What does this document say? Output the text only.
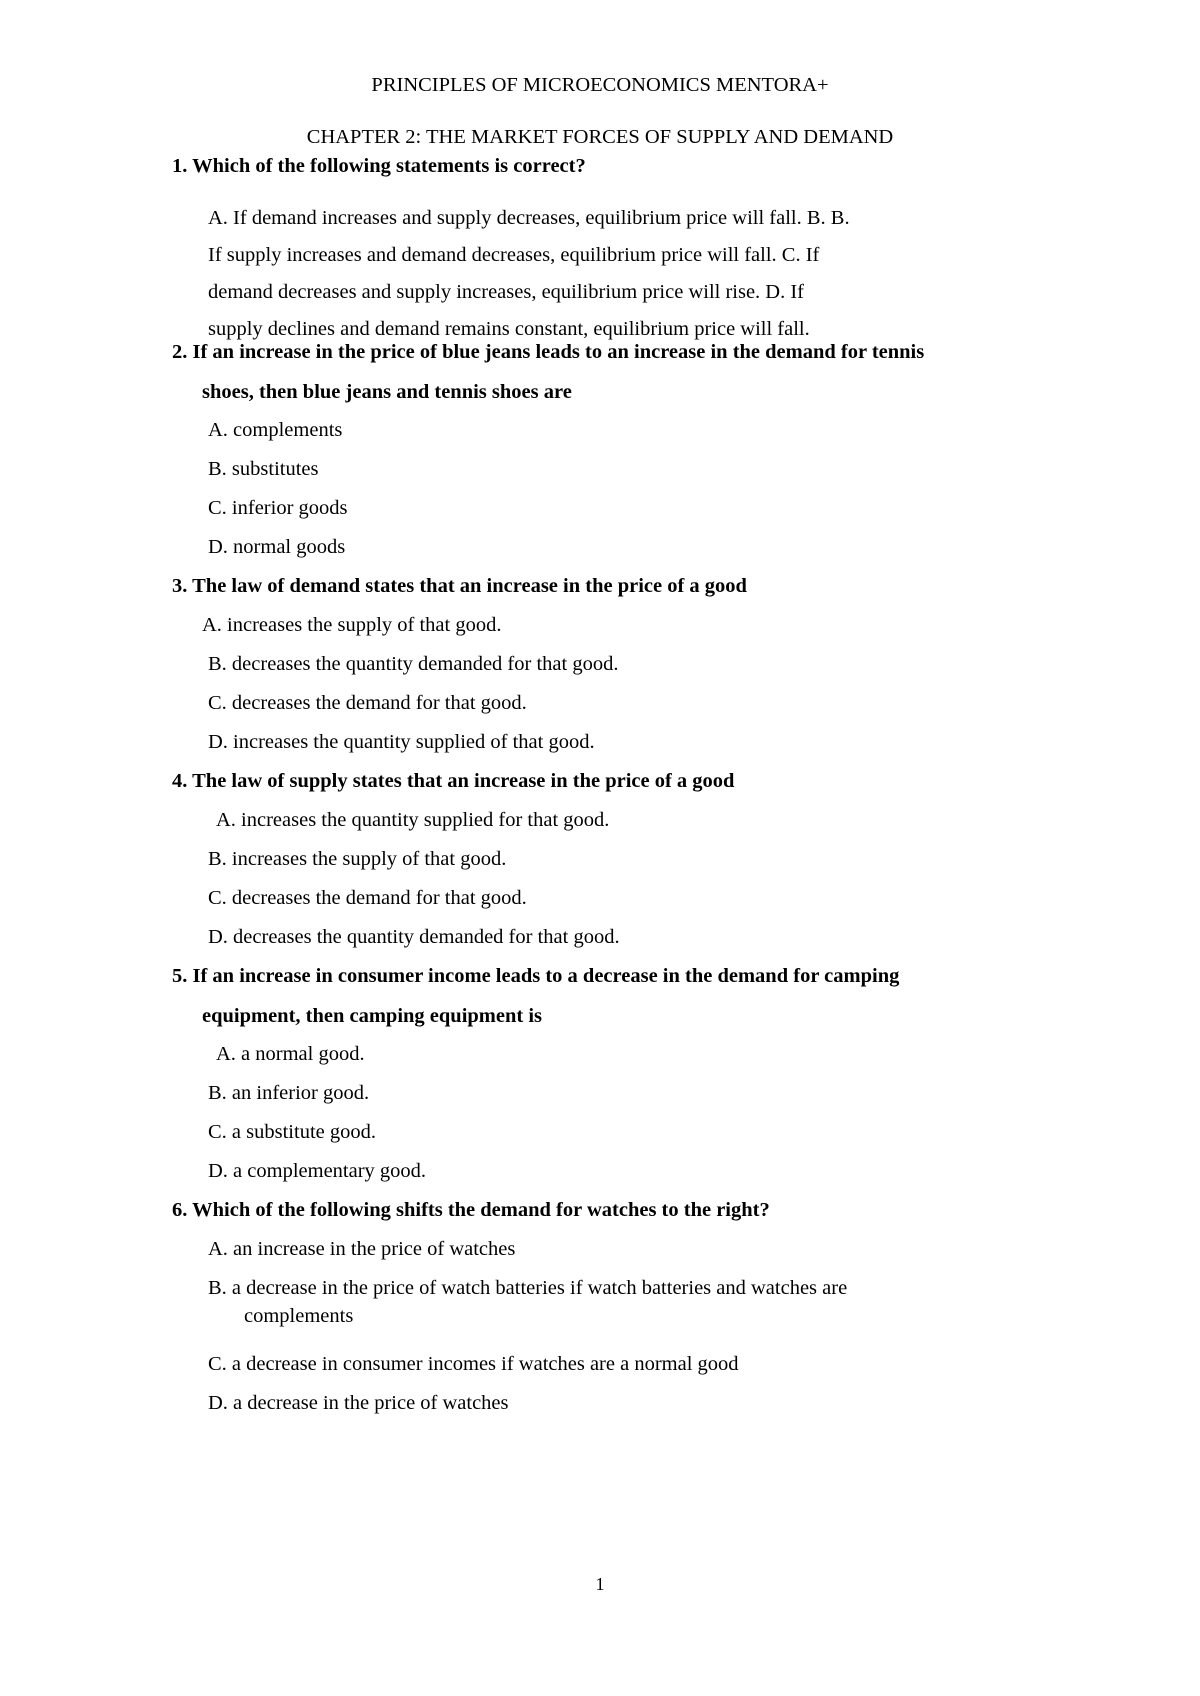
PRINCIPLES OF MICROECONOMICS MENTORA+
CHAPTER 2: THE MARKET FORCES OF SUPPLY AND DEMAND
1. Which of the following statements is correct?
A. If demand increases and supply decreases, equilibrium price will fall. B. B.
If supply increases and demand decreases, equilibrium price will fall. C. If
demand decreases and supply increases, equilibrium price will rise. D. If
supply declines and demand remains constant, equilibrium price will fall.
2. If an increase in the price of blue jeans leads to an increase in the demand for tennis
shoes, then blue jeans and tennis shoes are
A. complements
B. substitutes
C. inferior goods
D. normal goods
3. The law of demand states that an increase in the price of a good
A. increases the supply of that good.
B. decreases the quantity demanded for that good.
C. decreases the demand for that good.
D. increases the quantity supplied of that good.
4. The law of supply states that an increase in the price of a good
A. increases the quantity supplied for that good.
B. increases the supply of that good.
C. decreases the demand for that good.
D. decreases the quantity demanded for that good.
5. If an increase in consumer income leads to a decrease in the demand for camping
equipment, then camping equipment is
A. a normal good.
B. an inferior good.
C. a substitute good.
D. a complementary good.
6. Which of the following shifts the demand for watches to the right?
A. an increase in the price of watches
B. a decrease in the price of watch batteries if watch batteries and watches are
complements
C. a decrease in consumer incomes if watches are a normal good
D. a decrease in the price of watches
1
